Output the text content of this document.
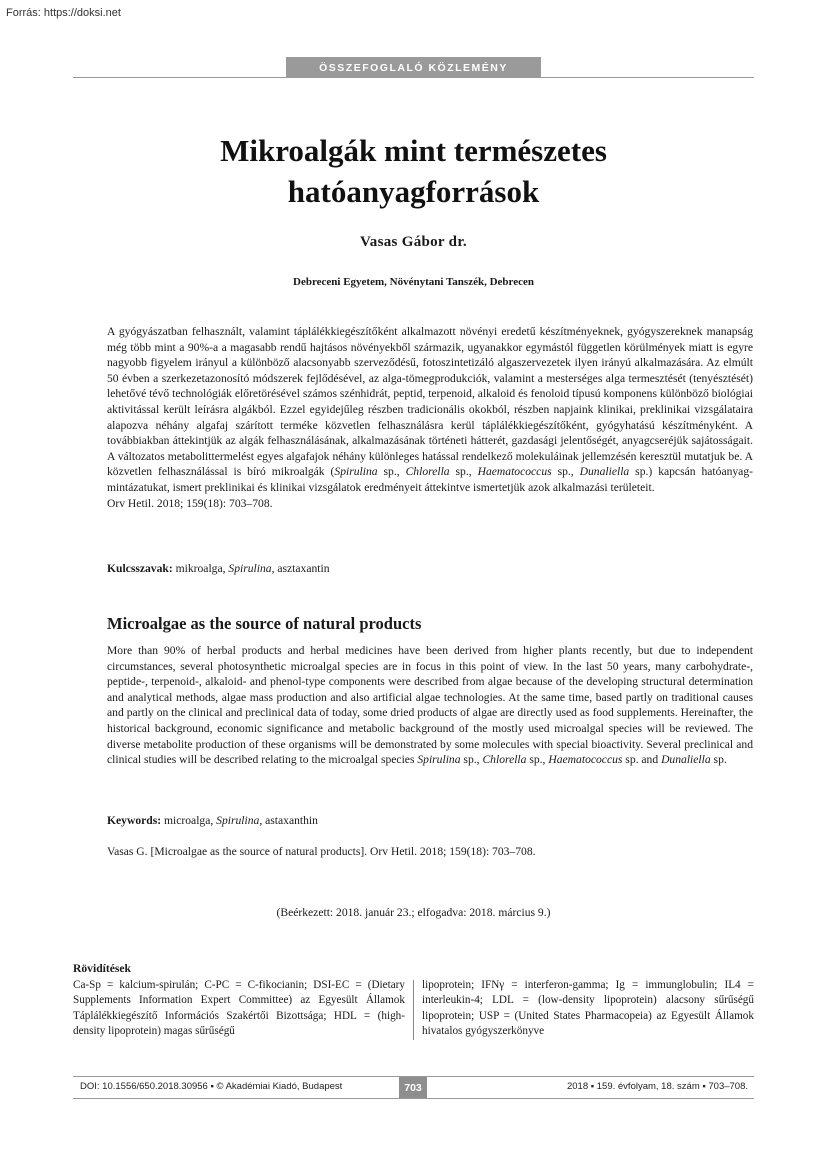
Forrás: https://doksi.net
ÖSSZEFOGLALÓ KÖZLEMÉNY
Mikroalgák mint természetes
hatóanyagforrások
Vasas Gábor dr.
Debreceni Egyetem, Növénytani Tanszék, Debrecen

A gyógyászatban felhasznált, valamint táplálékkiegészítőként alkalmazott növényi eredetű készítményeknek, gyógyszereknek manapság még több mint a 90%-a a magasabb rendű hajtásos növényekből származik, ugyanakkor egymástól független körülmények miatt is egyre nagyobb figyelem irányul a különböző alacsonyabb szerveződésű, fotoszintetizáló algaszervezetek ilyen irányú alkalmazására. Az elmúlt 50 évben a szerkezetazonosító módszerek fejlődésével, az alga-tömegprodukciók, valamint a mesterséges alga termesztését (tenyésztését) lehetővé tévő technológiák előretörésével számos szénhidrát, peptid, terpenoid, alkaloid és fenoloid típusú komponens különböző biológiai aktivitással került leírásra algákból. Ezzel egyidejűleg részben tradicionális okokból, részben napjaink klinikai, preklinikai vizsgálataira alapozva néhány algafaj szárított terméke közvetlen felhasználásra kerül táplálékkiegészítőként, gyógyhatású készítményként. A továbbiakban áttekintjük az algák felhasználásának, alkalmazásának történeti hátterét, gazdasági jelentőségét, anyagcseréjük sajátosságait. A változatos metabolittermelést egyes algafajok néhány különleges hatással rendelkező molekuláinak jellemzésén keresztül mutatjuk be. A közvetlen felhasználással is bíró mikroalgák (Spirulina sp., Chlorella sp., Haematococcus sp., Dunaliella sp.) kapcsán hatóanyag-mintázatukat, ismert preklinikai és klinikai vizsgálatok eredményeit áttekintve ismertetjük azok alkalmazási területeit.
Orv Hetil. 2018; 159(18): 703–708.

Kulcsszavak: mikroalga, Spirulina, asztaxantin
Microalgae as the source of natural products

More than 90% of herbal products and herbal medicines have been derived from higher plants recently, but due to independent circumstances, several photosynthetic microalgal species are in focus in this point of view. In the last 50 years, many carbohydrate-, peptide-, terpenoid-, alkaloid- and phenol-type components were described from algae because of the developing structural determination and analytical methods, algae mass production and also artificial algae technologies. At the same time, based partly on traditional causes and partly on the clinical and preclinical data of today, some dried products of algae are directly used as food supplements. Hereinafter, the historical background, economic significance and metabolic background of the mostly used microalgal species will be reviewed. The diverse metabolite production of these organisms will be demonstrated by some molecules with special bioactivity. Several preclinical and clinical studies will be described relating to the microalgal species Spirulina sp., Chlorella sp., Haematococcus sp. and Dunaliella sp.

Keywords: microalga, Spirulina, astaxanthin
Vasas G. [Microalgae as the source of natural products]. Orv Hetil. 2018; 159(18): 703–708.
(Beérkezett: 2018. január 23.; elfogadva: 2018. március 9.)
Rövidítések

Ca-Sp = kalcium-spirulán; C-PC = C-fikocianin; DSI-EC = (Dietary Supplements Information Expert Committee) az Egyesült Államok Táplálékkiegészítő Információs Szakértői Bizottsága; HDL = (high-density lipoprotein) magas sűrűségű

lipoprotein; IFNγ = interferon-gamma; Ig = immunglobulin; IL4 = interleukin-4; LDL = (low-density lipoprotein) alacsony sűrűségű lipoprotein; USP = (United States Pharmacopeia) az Egyesült Államok hivatalos gyógyszerkönyve

DOI: 10.1556/650.2018.30956 ▪ © Akadémiai Kiadó, Budapest	703	2018 ▪ 159. évfolyam, 18. szám ▪ 703–708.
